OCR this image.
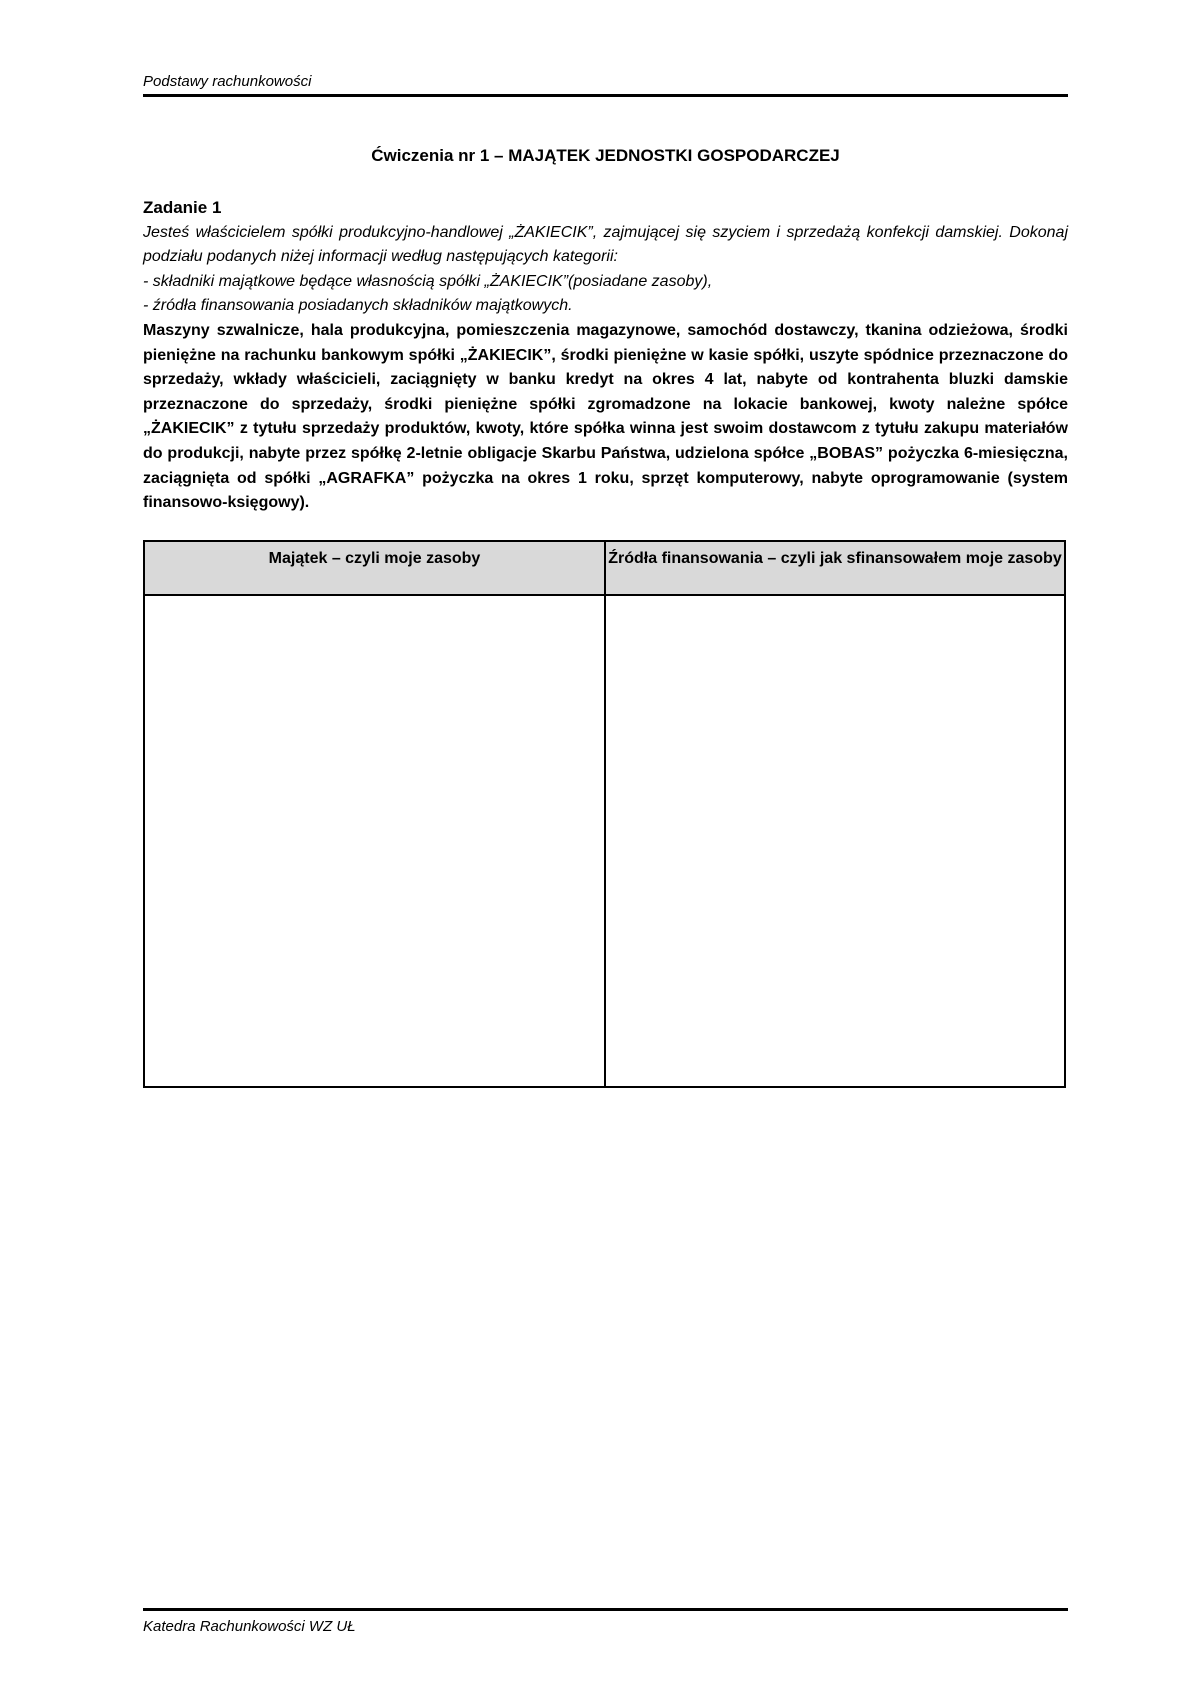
Podstawy rachunkowości
Ćwiczenia nr 1 – MAJĄTEK JEDNOSTKI GOSPODARCZEJ
Zadanie 1
Jesteś właścicielem spółki produkcyjno-handlowej „ŻAKIECIK”, zajmującej się szyciem i sprzedażą konfekcji damskiej. Dokonaj podziału podanych niżej informacji według następujących kategorii:
- składniki majątkowe będące własnością spółki „ŻAKIECIK”(posiadane zasoby),
- źródła finansowania posiadanych składników majątkowych.
Maszyny szwalnicze, hala produkcyjna, pomieszczenia magazynowe, samochód dostawczy, tkanina odzieżowa, środki pieniężne na rachunku bankowym spółki „ŻAKIECIK”, środki pieniężne w kasie spółki, uszyte spódnice przeznaczone do sprzedaży, wkłady właścicieli, zaciągnięty w banku kredyt na okres 4 lat, nabyte od kontrahenta bluzki damskie przeznaczone do sprzedaży, środki pieniężne spółki zgromadzone na lokacie bankowej, kwoty należne spółce „ŻAKIECIK” z tytułu sprzedaży produktów, kwoty, które spółka winna jest swoim dostawcom z tytułu zakupu materiałów do produkcji, nabyte przez spółkę 2-letnie obligacje Skarbu Państwa, udzielona spółce „BOBAS” pożyczka 6-miesięczna, zaciągnięta od spółki „AGRAFKA” pożyczka na okres 1 roku, sprzęt komputerowy, nabyte oprogramowanie (system finansowo-księgowy).
Majątek – czyli moje zasoby	Źródła finansowania – czyli jak sfinansowałem moje zasoby
Katedra Rachunkowości WZ UŁ
